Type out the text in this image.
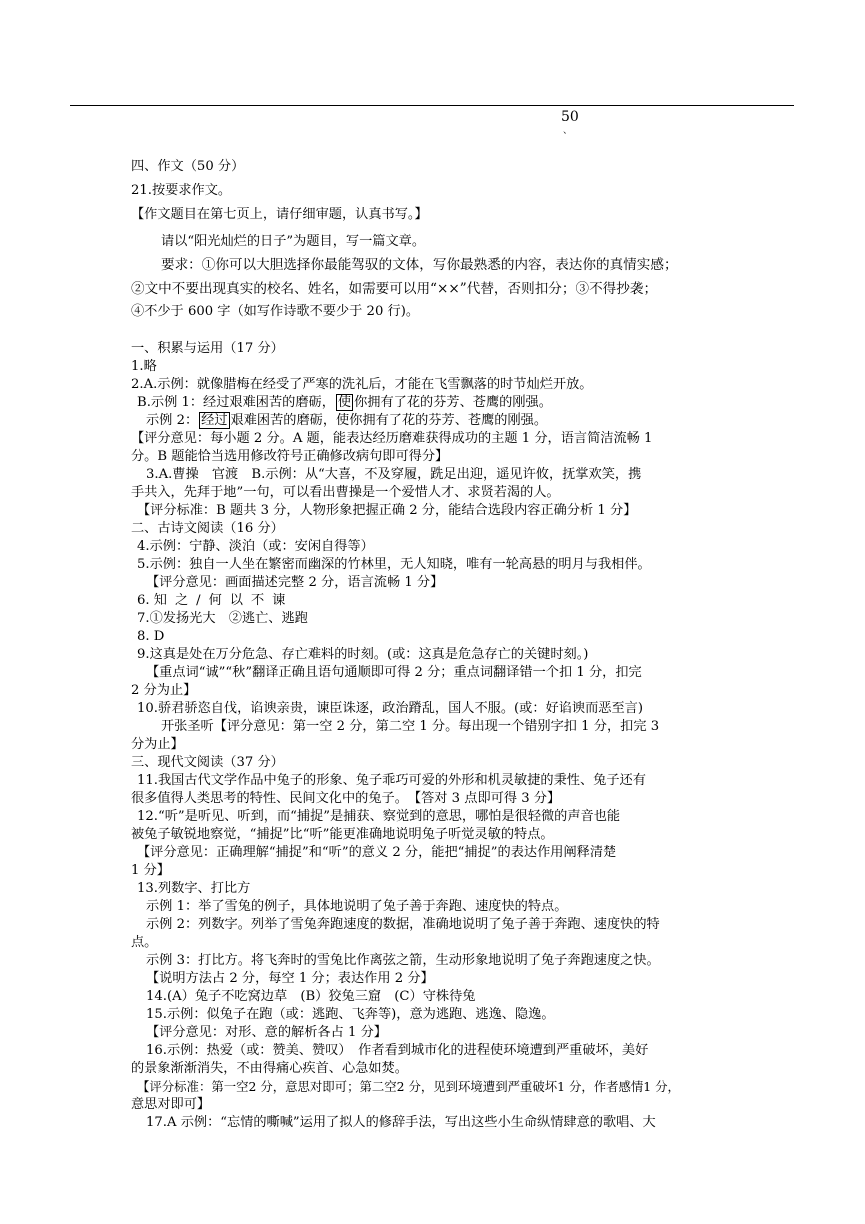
50
、
四、作文（50 分）
21.按要求作文。
【作文题目在第七页上，请仔细审题，认真书写。】
请以“阳光灿烂的日子”为题目，写一篇文章。
要求：①你可以大胆选择你最能驾驭的文体，写你最熟悉的内容，表达你的真情实感；
②文中不要出现真实的校名、姓名，如需要可以用“××”代替，否则扣分；③不得抄袭；
④不少于 600 字（如写作诗歌不要少于 20 行)。
一、积累与运用（17 分）
1.略
2.A.示例：就像腊梅在经受了严寒的洗礼后，才能在飞雪飘落的时节灿烂开放。
B.示例 1：经过艰难困苦的磨砺， 使 你拥有了花的芬芳、苍鹰的刚强。
示例 2： 经过 艰难困苦的磨砺，使你拥有了花的芬芳、苍鹰的刚强。
【评分意见：每小题 2 分。A 题，能表达经历磨难获得成功的主题 1 分，语言简洁流畅 1
分。B 题能恰当选用修改符号正确修改病句即可得分】
3.A.曹操　官渡　B.示例：从“大喜，不及穿履，跣足出迎，遥见许攸，抚掌欢笑，携
手共入，先拜于地”一句，可以看出曹操是一个爱惜人才、求贤若渴的人。
【评分标准：B 题共 3 分，人物形象把握正确 2 分，能结合选段内容正确分析 1 分】
二、古诗文阅读（16 分）
4.示例：宁静、淡泊（或：安闲自得等）
5.示例：独自一人坐在繁密而幽深的竹林里，无人知晓，唯有一轮高悬的明月与我相伴。
【评分意见：画面描述完整 2 分，语言流畅 1 分】
6. 知之/何以不谏
7.①发扬光大　②逃亡、逃跑
8. D
9.这真是处在万分危急、存亡难料的时刻。(或：这真是危急存亡的关键时刻。)
【重点词“诚”“秋”翻译正确且语句通顺即可得 2 分；重点词翻译错一个扣 1 分，扣完
2 分为止】
10.骄君骄恣自伐，谄谀亲贵，谏臣诛逐，政治蹐乱，国人不服。(或：好谄谀而恶至言)
开张圣听【评分意见：第一空 2 分，第二空 1 分。每出现一个错别字扣 1 分，扣完 3
分为止】
三、现代文阅读（37 分）
11.我国古代文学作品中兔子的形象、兔子乖巧可爱的外形和机灵敏捷的秉性、兔子还有
很多值得人类思考的特性、民间文化中的兔子。　【答对 3 点即可得 3 分】
12.“听”是听见、听到，而“捕捉”是捕获、察觉到的意思，哪怕是很轻微的声音也能
被兔子敏锐地察觉，“捕捉”比“听”能更准确地说明兔子听觉灵敏的特点。
【评分意见：正确理解“捕捉”和“听”的意义 2 分，能把“捕捉”的表达作用阐释清楚
1 分】
13.列数字、打比方
示例 1：举了雪兔的例子，具体地说明了兔子善于奔跑、速度快的特点。
示例 2：列数字。列举了雪兔奔跑速度的数据，准确地说明了兔子善于奔跑、速度快的特
点。
示例 3：打比方。将飞奔时的雪兔比作离弦之箭，生动形象地说明了兔子奔跑速度之快。
【说明方法占 2 分，每空 1 分；表达作用 2 分】
14.(A）兔子不吃窝边草　(B）狡兔三窟　(C）守株待兔
15.示例：似兔子在跑（或：逃跑、飞奔等)，意为逃跑、逃逸、隐逸。
【评分意见：对形、意的解析各占 1 分】
16.示例：热爱（或：赞美、赞叹）　作者看到城市化的进程使环境遭到严重破坏，美好
的景象渐渐消失，不由得痛心疾首、心急如焚。
【评分标准：第一空2 分，意思对即可；第二空2 分，见到环境遭到严重破坏1 分，作者感情1 分，
意思对即可】
17.A 示例：“忘情的嘶喊”运用了拟人的修辞手法，写出这些小生命纵情肆意的歌唱、大
